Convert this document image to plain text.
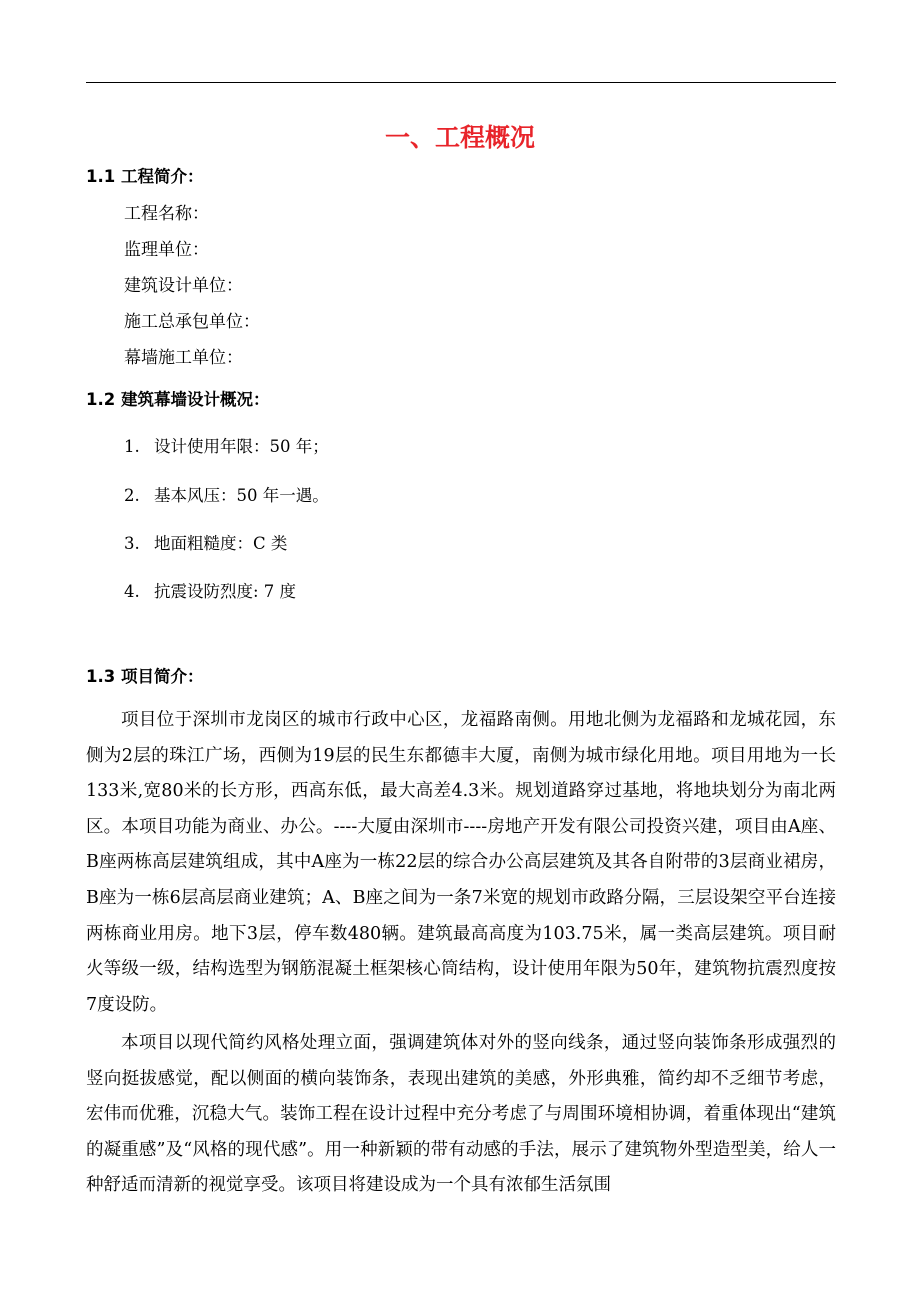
一、工程概况
1.1 工程简介：
工程名称：
监理单位：
建筑设计单位：
施工总承包单位：
幕墙施工单位：
1.2 建筑幕墙设计概况：
1. 设计使用年限：50 年；
2. 基本风压：50 年一遇。
3. 地面粗糙度：C 类
4. 抗震设防烈度: 7 度
1.3 项目简介：

项目位于深圳市龙岗区的城市行政中心区，龙福路南侧。用地北侧为龙福路和龙城花园，东侧为2层的珠江广场，西侧为19层的民生东都德丰大厦，南侧为城市绿化用地。项目用地为一长133米,宽80米的长方形，西高东低，最大高差4.3米。规划道路穿过基地，将地块划分为南北两区。本项目功能为商业、办公。----大厦由深圳市----房地产开发有限公司投资兴建，项目由A座、B座两栋高层建筑组成，其中A座为一栋22层的综合办公高层建筑及其各自附带的3层商业裙房，B座为一栋6层高层商业建筑；A、B座之间为一条7米宽的规划市政路分隔，三层设架空平台连接两栋商业用房。地下3层，停车数480辆。建筑最高高度为103.75米，属一类高层建筑。项目耐火等级一级，结构选型为钢筋混凝土框架核心筒结构，设计使用年限为50年，建筑物抗震烈度按7度设防。

本项目以现代简约风格处理立面，强调建筑体对外的竖向线条，通过竖向装饰条形成强烈的竖向挺拔感觉，配以侧面的横向装饰条，表现出建筑的美感，外形典雅，简约却不乏细节考虑，宏伟而优雅，沉稳大气。装饰工程在设计过程中充分考虑了与周围环境相协调，着重体现出“建筑的凝重感”及“风格的现代感”。用一种新颖的带有动感的手法，展示了建筑物外型造型美，给人一种舒适而清新的视觉享受。该项目将建设成为一个具有浓郁生活氛围
